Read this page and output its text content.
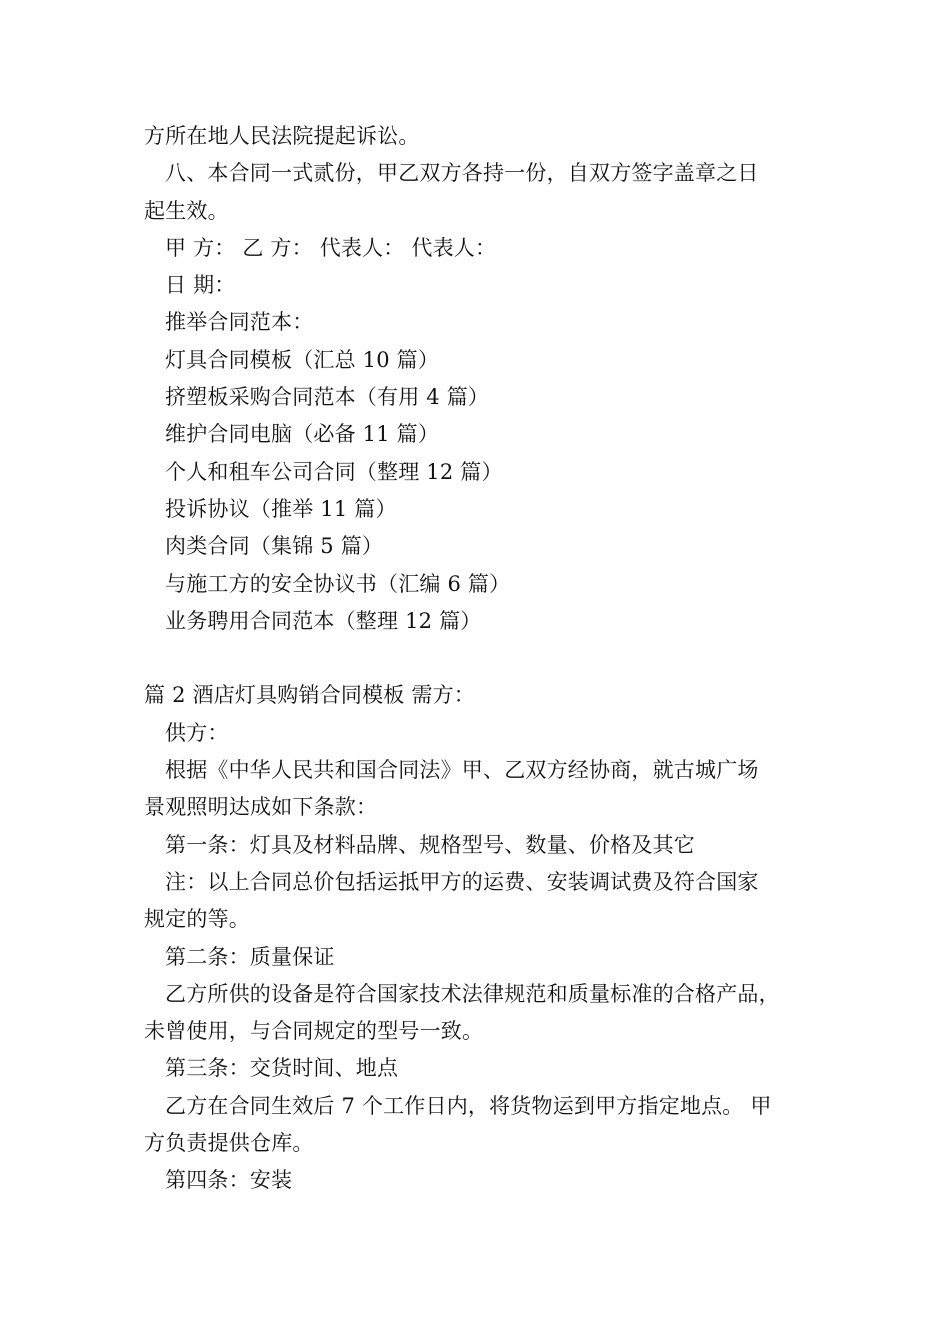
方所在地人民法院提起诉讼。
八、本合同一式贰份，甲乙双方各持一份，自双方签字盖章之日
起生效。
甲 方： 乙 方： 代表人： 代表人：
日 期：
推举合同范本：
灯具合同模板（汇总 10 篇）
挤塑板采购合同范本（有用 4 篇）
维护合同电脑（必备 11 篇）
个人和租车公司合同（整理 12 篇）
投诉协议（推举 11 篇）
肉类合同（集锦 5 篇）
与施工方的安全协议书（汇编 6 篇）
业务聘用合同范本（整理 12 篇）
篇 2 酒店灯具购销合同模板 需方：
供方：
根据《中华人民共和国合同法》甲、乙双方经协商，就古城广场
景观照明达成如下条款：
第一条：灯具及材料品牌、规格型号、数量、价格及其它
注：以上合同总价包括运抵甲方的运费、安装调试费及符合国家
规定的等。
第二条：质量保证
乙方所供的设备是符合国家技术法律规范和质量标准的合格产品，
未曾使用，与合同规定的型号一致。
第三条：交货时间、地点
乙方在合同生效后 7 个工作日内，将货物运到甲方指定地点。 甲
方负责提供仓库。
第四条：安装
